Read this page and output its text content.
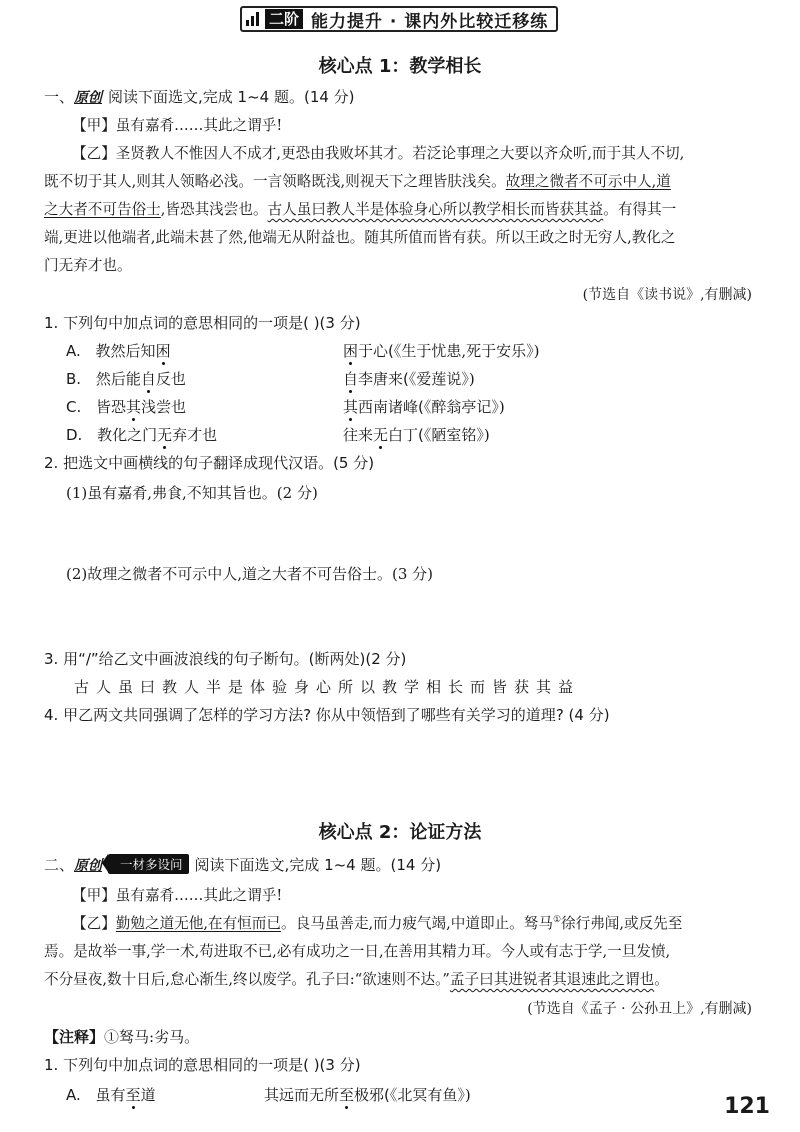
二阶 能力提升 · 课内外比较迁移练
核心点 1：教学相长
一、原创 阅读下面选文,完成 1~4 题。(14 分)
【甲】虽有嘉肴……其此之谓乎!
【乙】圣贤教人不惟因人不成才,更恐由我败坏其才。若泛论事理之大要以齐众听,而于其人不切,
既不切于其人,则其人领略必浅。一言领略既浅,则视天下之理皆肤浅矣。故理之微者不可示中人,道
之大者不可告俗士,皆恐其浅尝也。古人虽曰教人半是体验身心所以教学相长而皆获其益。有得其一
端,更进以他端者,此端未甚了然,他端无从附益也。随其所值而皆有获。所以王政之时无穷人,教化之
门无弃才也。
(节选自《读书说》,有删减)
1. 下列句中加点词的意思相同的一项是( )(3 分)
A. 教然后知困	困于心(《生于忧患,死于安乐》)
B. 然后能自反也	自李唐来(《爱莲说》)
C. 皆恐其浅尝也	其西南诸峰(《醉翁亭记》)
D. 教化之门无弃才也	往来无白丁(《陋室铭》)
2. 把选文中画横线的句子翻译成现代汉语。(5 分)
(1)虽有嘉肴,弗食,不知其旨也。(2 分)
(2)故理之微者不可示中人,道之大者不可告俗士。(3 分)
3. 用“/”给乙文中画波浪线的句子断句。(断两处)(2 分)
古人虽曰教人半是体验身心所以教学相长而皆获其益
4. 甲乙两文共同强调了怎样的学习方法? 你从中领悟到了哪些有关学习的道理? (4 分)
核心点 2：论证方法
二、原创 一材多设问 阅读下面选文,完成 1~4 题。(14 分)
【甲】虽有嘉肴……其此之谓乎!
【乙】勤勉之道无他,在有恒而已。良马虽善走,而力疲气竭,中道即止。驽马①徐行弗闻,或反先至
焉。是故举一事,学一术,苟进取不已,必有成功之一日,在善用其精力耳。今人或有志于学,一旦发愤,
不分昼夜,数十日后,怠心渐生,终以废学。孔子曰:“欲速则不达。”孟子曰其进锐者其退速此之谓也。
(节选自《孟子 · 公孙丑上》,有删减)
【注释】①驽马:劣马。
1. 下列句中加点词的意思相同的一项是( )(3 分)
A. 虽有至道	其远而无所至极邪(《北冥有鱼》)	121
